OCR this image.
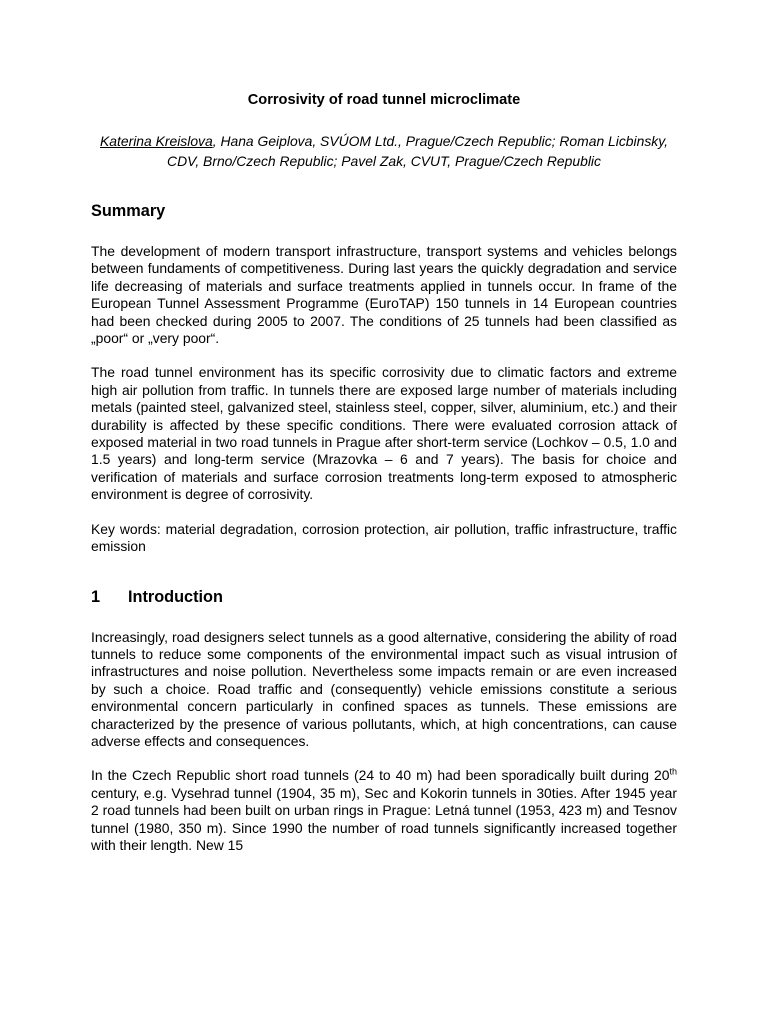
Corrosivity of road tunnel microclimate
Katerina Kreislova, Hana Geiplova, SVÚOM Ltd., Prague/Czech Republic; Roman Licbinsky, CDV, Brno/Czech Republic; Pavel Zak, CVUT, Prague/Czech Republic
Summary

The development of modern transport infrastructure, transport systems and vehicles belongs between fundaments of competitiveness. During last years the quickly degradation and service life decreasing of materials and surface treatments applied in tunnels occur. In frame of the European Tunnel Assessment Programme (EuroTAP) 150 tunnels in 14 European countries had been checked during 2005 to 2007. The conditions of 25 tunnels had been classified as „poor“ or „very poor“.

The road tunnel environment has its specific corrosivity due to climatic factors and extreme high air pollution from traffic. In tunnels there are exposed large number of materials including metals (painted steel, galvanized steel, stainless steel, copper, silver, aluminium, etc.) and their durability is affected by these specific conditions. There were evaluated corrosion attack of exposed material in two road tunnels in Prague after short-term service (Lochkov – 0.5, 1.0 and 1.5 years) and long-term service (Mrazovka – 6 and 7 years). The basis for choice and verification of materials and surface corrosion treatments long-term exposed to atmospheric environment is degree of corrosivity.

Key words: material degradation, corrosion protection, air pollution, traffic infrastructure, traffic emission

1 Introduction

Increasingly, road designers select tunnels as a good alternative, considering the ability of road tunnels to reduce some components of the environmental impact such as visual intrusion of infrastructures and noise pollution. Nevertheless some impacts remain or are even increased by such a choice. Road traffic and (consequently) vehicle emissions constitute a serious environmental concern particularly in confined spaces as tunnels. These emissions are characterized by the presence of various pollutants, which, at high concentrations, can cause adverse effects and consequences.

In the Czech Republic short road tunnels (24 to 40 m) had been sporadically built during 20th century, e.g. Vysehrad tunnel (1904, 35 m), Sec and Kokorin tunnels in 30ties. After 1945 year 2 road tunnels had been built on urban rings in Prague: Letná tunnel (1953, 423 m) and Tesnov tunnel (1980, 350 m). Since 1990 the number of road tunnels significantly increased together with their length. New 15
